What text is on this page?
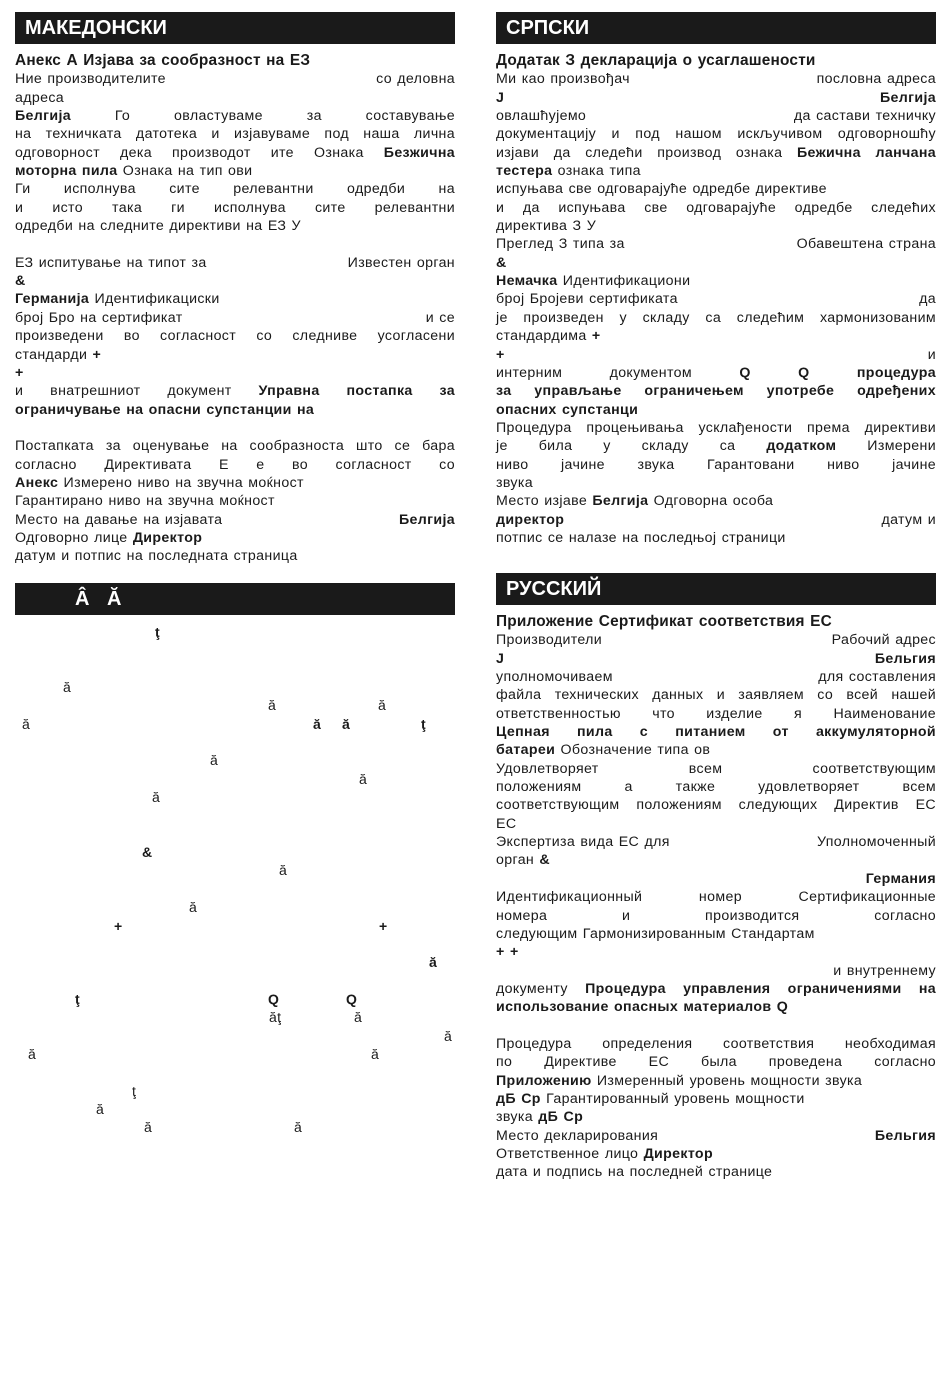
МАКЕДОНСКИ
Анекс А Изјава за сообразност на ЕЗ
Ние производителите	со деловна
адреса
Белгија Го овластуваме за составување
на техничката датотека и изјавуваме под наша лична
одговорност дека производот ите Ознака Безжична
моторна пила Ознака на тип ови
Ги исполнува сите релевантни одредби на
и исто така ги исполнува сите релевантни
одредби на следните директиви на ЕЗ У
ЕЗ испитување на типот за	Известен орган
&
Германија Идентификациски
број Бро на сертификат	и се
произведени во согласност со следниве усогласени
стандарди +
+
и внатрешниот документ Управна постапка за
ограничување на опасни супстанции на
Постапката за оценување на сообразноста што се бара
согласно Директивата Е е во согласност со
Анекс Измерено ниво на звучна моќност
Гарантирано ниво на звучна моќност
Место на давање на изјавата	Белгија
Одговорно лице Директор
датум и потпис на последната страница
Â Ă
ţ
ă
ă	ă
ă	ă ă	ţ
ă
ă
ă
&
ă
ă
+	+
ă
ţ	Q	Q
ăţ	ă
ă
ă	ă
ţ
ă
ă	ă
СРПСКИ
Додатак З декларација о усаглашености
Ми као произвођач	пословна адреса
J	Белгија
овлашћујемо	да састави техничку
документацију и под нашом искључивом одговорношћу
изјави да следећи производ ознака Бежична ланчана
тестера ознака типа
испуњава све одговарајуће одредбе директиве
и да испуњава све одговарајуће одредбе следећих
директива З У
Преглед З типа за	Обавештена страна
&
Немачка Идентификациони
број Бројеви сертификата	да
је произведен у складу са следећим хармонизованим
стандардима +
+	и
интерним документом Q Q процедура
за управљање ограничењем употребе одређених
опасних супстанци
Процедура процењивања усклађености према директиви
је била у складу са додатком Измерени
ниво јачине звука Гарантовани ниво јачине
звука
Место изјаве Белгија Одговорна особа
директор	датум и
потпис се налазе на последњој страници
РУССКИЙ
Приложение Сертификат соответствия ЕС
Производители	Рабочий адрес
J	Бельгия
уполномочиваем	для составления
файла технических данных и заявляем со всей нашей
ответственностью что изделие я Наименование
Цепная пила с питанием от аккумуляторной
батареи Обозначение типа ов
Удовлетворяет всем соответствующим
положениям а также удовлетворяет всем
соответствующим положениям следующих Директив ЕС
ЕС
Экспертиза вида ЕС для	Уполномоченный
орган &
Германия
Идентификационный номер Сертификационные
номера и производится согласно
следующим Гармонизированным Стандартам
+ +
и внутреннему
документу Процедура управления ограничениями на
использование опасных материалов Q
Процедура определения соответствия необходимая
по Директиве ЕС была проведена согласно
Приложению Измеренный уровень мощности звука
дБ Ср Гарантированный уровень мощности
звука дБ Ср
Место декларирования	Бельгия
Ответственное лицо Директор
датa и подпись на последней странице
